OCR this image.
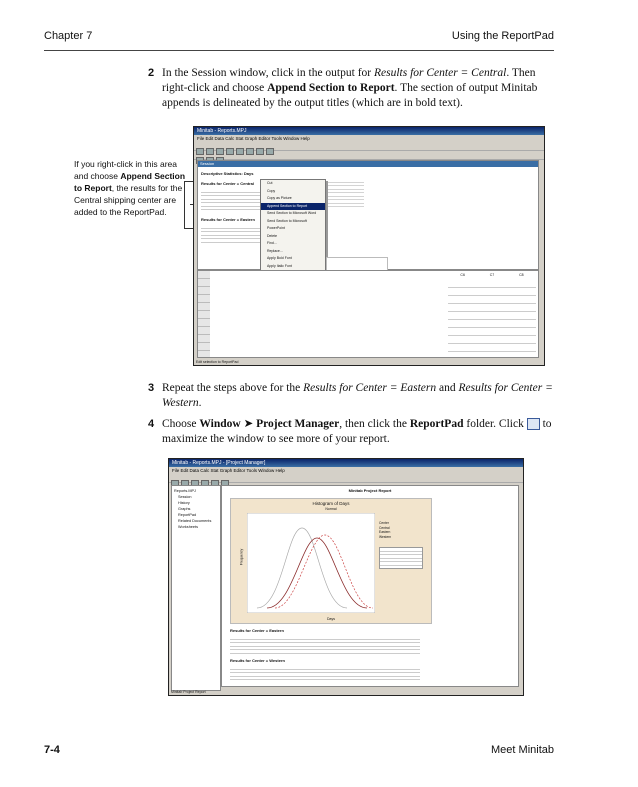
Chapter 7	Using the ReportPad
2 In the Session window, click in the output for Results for Center = Central. Then right-click and choose Append Section to Report. The section of output Minitab appends is delineated by the output titles (which are in bold text).
If you right-click in this area and choose Append Section to Report, the results for the Central shipping center are added to the ReportPad.
Minitab - Reports.MPJ
File Edit Data Calc Stat Graph Editor Tools Window Help
Session
Descriptive Statistics: Days
Results for Center = Central
Results for Center = Eastern
Cut
Copy
Copy as Picture
Append Section to Report
Send Section to Microsoft Word
Send Section to Microsoft PowerPoint
Delete
Find...
Replace...
Apply Bold Font
Apply Italic Font
C6	C7	C8
Edit selection to ReportPad
3 Repeat the steps above for the Results for Center = Eastern and Results for Center = Western.
4 Choose Window ➤ Project Manager, then click the ReportPad folder. Click to maximize the window to see more of your report.
Minitab - Reports.MPJ - [Project Manager]
File Edit Data Calc Stat Graph Editor Tools Window Help
Reports.MPJ
Session
History
Graphs
ReportPad
Related Documents
Worksheets
Minitab Project Report
Histogram of Days
Normal
Frequency
Days
Center
Central
Eastern
Western
Results for Center = Eastern
Results for Center = Western
Minitab Project Report
7-4	Meet Minitab
